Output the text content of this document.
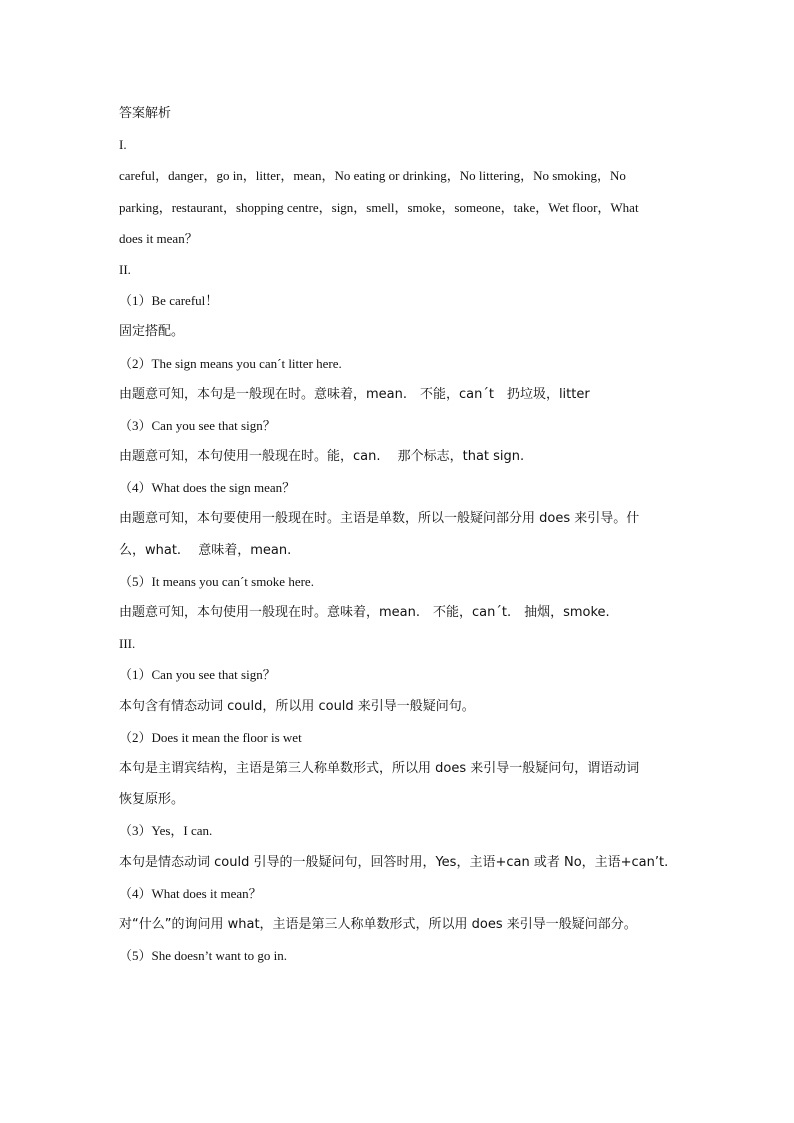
答案解析
I.
careful，danger，go in，litter，mean，No eating or drinking，No littering，No smoking，No
parking，restaurant，shopping centre，sign，smell，smoke，someone，take，Wet floor，What
does it mean？
II.
（1）Be careful！
固定搭配。
（2）The sign means you can´t litter here.
由题意可知，本句是一般现在时。意味着，mean.　不能，can´t　扔垃圾，litter
（3）Can you see that sign？
由题意可知，本句使用一般现在时。能，can.　 那个标志，that sign.
（4）What does the sign mean？
由题意可知，本句要使用一般现在时。主语是单数，所以一般疑问部分用 does 来引导。什
么，what.　 意味着，mean.
（5）It means you can´t smoke here.
由题意可知，本句使用一般现在时。意味着，mean.　不能，can´t.　抽烟，smoke.
III.
（1）Can you see that sign？
本句含有情态动词 could，所以用 could 来引导一般疑问句。
（2）Does it mean the floor is wet
本句是主谓宾结构，主语是第三人称单数形式，所以用 does 来引导一般疑问句，谓语动词
恢复原形。
（3）Yes，I can.
本句是情态动词 could 引导的一般疑问句，回答时用，Yes，主语+can 或者 No，主语+can’t.
（4）What does it mean？
对“什么”的询问用 what，主语是第三人称单数形式，所以用 does 来引导一般疑问部分。
（5）She doesn’t want to go in.
